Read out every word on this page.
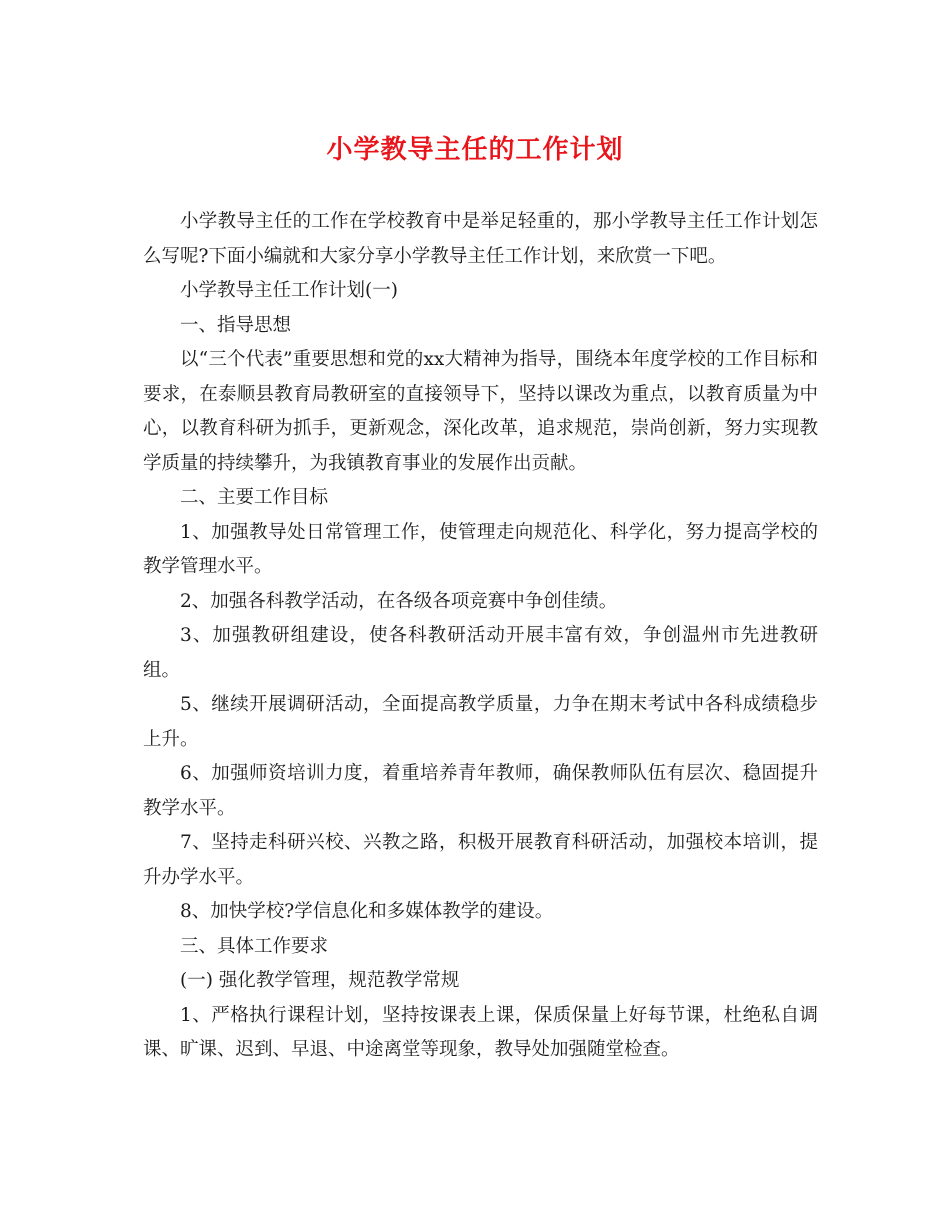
小学教导主任的工作计划

小学教导主任的工作在学校教育中是举足轻重的，那小学教导主任工作计划怎么写呢?下面小编就和大家分享小学教导主任工作计划，来欣赏一下吧。

小学教导主任工作计划(一)

一、指导思想

以“三个代表”重要思想和党的xx大精神为指导，围绕本年度学校的工作目标和要求，在泰顺县教育局教研室的直接领导下，坚持以课改为重点，以教育质量为中心，以教育科研为抓手，更新观念，深化改革，追求规范，崇尚创新，努力实现教学质量的持续攀升，为我镇教育事业的发展作出贡献。

二、主要工作目标

1、加强教导处日常管理工作，使管理走向规范化、科学化，努力提高学校的教学管理水平。

2、加强各科教学活动，在各级各项竞赛中争创佳绩。

3、加强教研组建设，使各科教研活动开展丰富有效，争创温州市先进教研组。

5、继续开展调研活动，全面提高教学质量，力争在期末考试中各科成绩稳步上升。

6、加强师资培训力度，着重培养青年教师，确保教师队伍有层次、稳固提升教学水平。

7、坚持走科研兴校、兴教之路，积极开展教育科研活动，加强校本培训，提升办学水平。

8、加快学校?学信息化和多媒体教学的建设。

三、具体工作要求

(一) 强化教学管理，规范教学常规

1、严格执行课程计划，坚持按课表上课，保质保量上好每节课，杜绝私自调课、旷课、迟到、早退、中途离堂等现象，教导处加强随堂检查。
